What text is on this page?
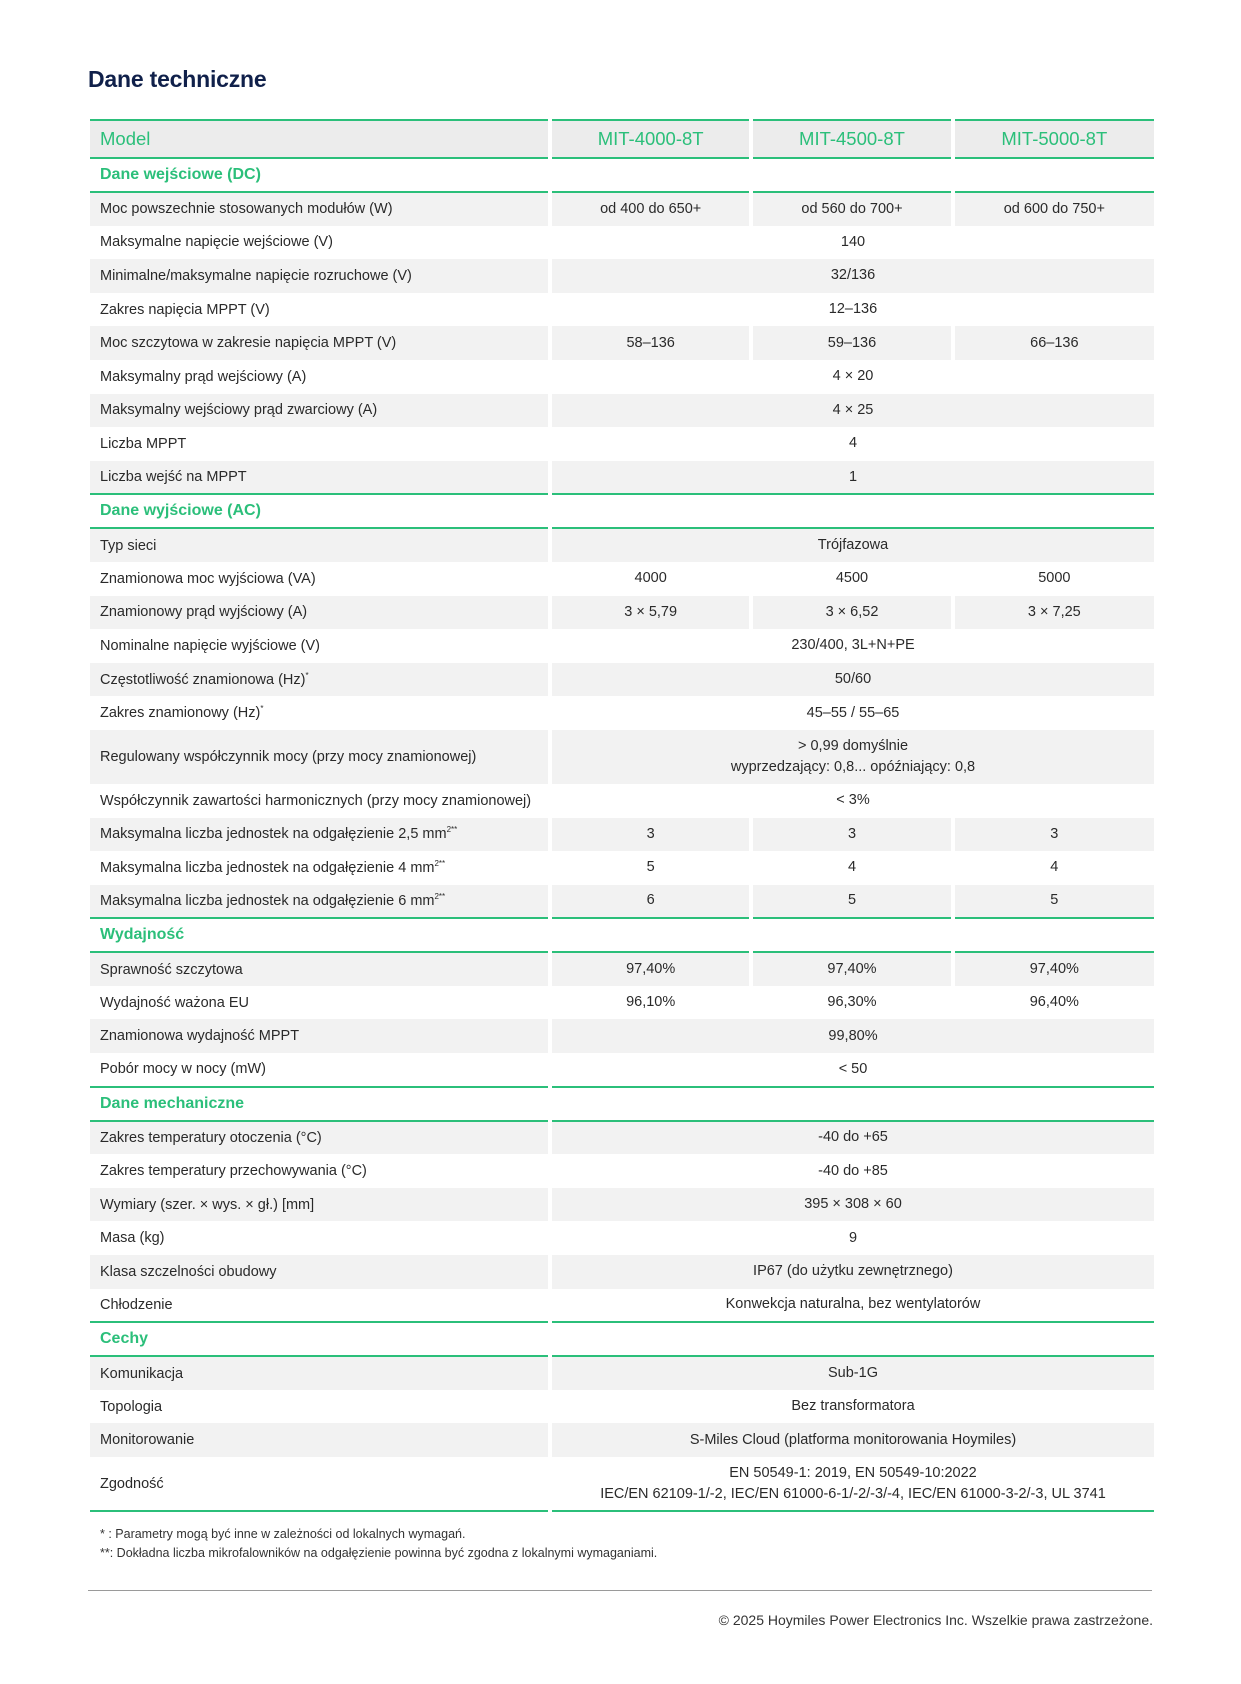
Dane techniczne
Model	MIT-4000-8T	MIT-4500-8T	MIT-5000-8T
Dane wejściowe (DC)			
Moc powszechnie stosowanych modułów (W)	od 400 do 650+	od 560 do 700+	od 600 do 750+
Maksymalne napięcie wejściowe (V)	140		

Minimalne/maksymalne napięcie rozruchowe (V)	32/136		

Zakres napięcia MPPT (V)	12–136		

Moc szczytowa w zakresie napięcia MPPT (V)	58–136	59–136	66–136
Maksymalny prąd wejściowy (A)	4 × 20		

Maksymalny wejściowy prąd zwarciowy (A)	4 × 25		

Liczba MPPT	4		

Liczba wejść na MPPT	1		

Dane wyjściowe (AC)			
Typ sieci	Trójfazowa		

Znamionowa moc wyjściowa (VA)	4000	4500	5000
Znamionowy prąd wyjściowy (A)	3 × 5,79	3 × 6,52	3 × 7,25
Nominalne napięcie wyjściowe (V)	230/400, 3L+N+PE		

Częstotliwość znamionowa (Hz)*	50/60		

Zakres znamionowy (Hz)*	45–55 / 55–65		

Regulowany współczynnik mocy (przy mocy znamionowej)	> 0,99 domyślnie
wyprzedzający: 0,8... opóźniający: 0,8		

Współczynnik zawartości harmonicznych (przy mocy znamionowej)	< 3%		

Maksymalna liczba jednostek na odgałęzienie 2,5 $mm^{2**}$	3	3	3
Maksymalna liczba jednostek na odgałęzienie 4 $mm^{2**}$	5	4	4
Maksymalna liczba jednostek na odgałęzienie 6 $mm^{2**}$	6	5	5
Wydajność			
Sprawność szczytowa	97,40%	97,40%	97,40%
Wydajność ważona EU	96,10%	96,30%	96,40%
Znamionowa wydajność MPPT	99,80%		

Pobór mocy w nocy (mW)	< 50		

Dane mechaniczne			
Zakres temperatury otoczenia (°C)	-40 do +65		

Zakres temperatury przechowywania (°C)	-40 do +85		

Wymiary (szer. × wys. × gł.) [mm]	395 × 308 × 60		

Masa (kg)	9		

Klasa szczelności obudowy	IP67 (do użytku zewnętrznego)		

Chłodzenie	Konwekcja naturalna, bez wentylatorów		

Cechy			
Komunikacja	Sub-1G		

Topologia	Bez transformatora		

Monitorowanie	S-Miles Cloud (platforma monitorowania Hoymiles)		

Zgodność	EN 50549-1: 2019, EN 50549-10:2022
IEC/EN 62109-1/-2, IEC/EN 61000-6-1/-2/-3/-4, IEC/EN 61000-3-2/-3, UL 3741		
* : Parametry mogą być inne w zależności od lokalnych wymagań.
**: Dokładna liczba mikrofalowników na odgałęzienie powinna być zgodna z lokalnymi wymaganiami.
© 2025 Hoymiles Power Electronics Inc. Wszelkie prawa zastrzeżone.
